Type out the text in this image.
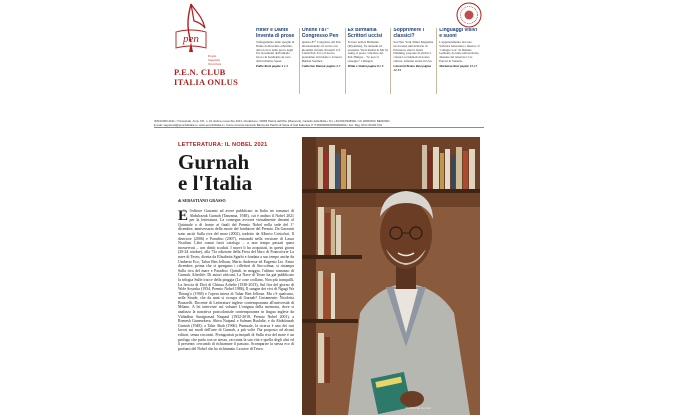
pen
Poeta
Saggista
Novelista
P.E.N. CLUB
ITALIA ONLUS
Hitler e Dante Inventa di prose
Trafugamento dalle spoglie di Dante da Ravenna a Berlino. Alla ricerca delle prove negli Un documenti dell'armada Gioco in Germania da varo dell'architetto Speer.
Pablo Rosti pagine 2 e 3
Online l'87° Congresso Pen
Questo 87° Congresso del Pen internazionale s'è svolto con modalità virtuali. Presenti 113 Centri Pen. Ecco il nuovo presidente dal ridotte e il nuovo Burhan Sonmez.
Catherine Bonnar pagine 2-7
Ex Birmania Scrittori uccisi
Terrore nell'ex Birmania (Myanmar), fra detenuti ed assassini. Versi inediti di Ma Sa Aung, il poeta, vincitore del Pen Thingor - "Io non vi rassegno" a Dingen.
Britta e Sindoi pagine 8 e 9
Sopprimere i classici?
Sul New York Times Magazine un docente universitario di Princeton, marca Santa Dunning, propone di abolire i classici occidentali di nostra cultura. Allarme anche in Usa.
Giovanni Bruno Rasi pagine 12-13
Linguaggi visivi e suoni
L'apprezzamento del sole. Scrittura letteratura e musica. Il "collegio vox" di Daniele Galleani, docente universitario, dissente dei letterati e Cio Perrari di Venezia.
Marianna Ravi pagine 15-17
ISSN/2283-4161 • Trimestrale, Anno XXI, n. 42 ottobre-novembre 2021 • Redazione: 20083 Piazza dell'Olio (Piacenza), Castello della Bella • Tel. +39 0523/928996 • CF 00000000, BEIS0094
E-mail: segreteria@penclubitalia.it • www.penclubitalia.it • Conto corrente bancario Banca dei Paschi di Siena di Sud Italia Sas IT IT0000000000000000000 • Iscr. Reg. ROC IN/2017/01
LETTERATURA: IL NOBEL 2021
Gurnah
e l'Italia
di SEBASTIANO GRASSO
Èl'editore Garzanti ad avere pubblicato in Italia tre romanzi di Abdulrazak Gurnah (Tanzania, 1948), cui è andato il Nobel 2021 per la letteratura. La consegna avverrà virtualmente davanti al Quirinale o di fronte ai finali del Premio Nobel nella sede del 1° dicembre, anniversario della morte del fondatore del Premio. Da Garzanti sono usciti Sulla riva del mare (2002), tradotto da Alberto Cristofori, Il disertore (2006) e Paradiso (2007), entrambi nella versione di Laura Noulian. Libri ormai fuori catalogo – a non tempo passati quasi inosservati – con diritti scaduti. I nuovi li ha acquistati, in questi giorni (20-24 ottobre), alla 73a edizione della Fiera del libro di Francoforte La nave di Teseo, diretta da Elisabetta Sgarbi e fondata a suo tempo anche da Umberto Eco, Tahar Ben Jelloun, Mario Andreose ed Eugenio Lio. Entro dicembre, prima che si spengano i riflettori di Stoccolma, si ristampa Sulla riva del mare e Paradiso. Quindi, in maggio, l'ultimo romanzo di Gurnah, Afterlife. Di autori africani, La Nave di Teseo ha già pubblicato la trilogia Sulle tracce della pioggia (Le cose crollano, Non più tranquilli, La freccia di Dio) di Chinua Achebe (1930-2013), Sul fior del giorno di Wole Soyinka (1934, Premio Nobel 1986), Il sangue dei vivi di Ngugi Wa Thiong'o (1938) e l'opera intera di Tahar Ben Jelloun. Ma c'è qualcuno, nelle Strade, che da anni si occupa di Gurnah? Certamente: Nicoletta Brazzelli, Docente di Letterature inglese contemporanea all'università di Milano. A lei interviste sul volume L'enigma della memoria, dove si analizza la narrativa postcoloniale contemporanea in lingua inglese da Vidiadhar Surajprasad Naipaul (1932-2018, Premio Nobel 2001), a Romesh Gunesekera, Shiva Naipaul e Salman Rushdie, e da Abdulrazak Gurnah (1948), a Tahir Shah (1966). Puntuale, la ricerca è uno dei rari lavori sui modi dell'arte di Gurnah, a più volte l'ha proposto ad alcuni editori, senza riscontri. Protagonisti principali di Sulla riva del mare è un profugo che parla con se stesso, racconta la sua vita e quella degli altri ed il presente, cercando di richiamare il passato. Scomparire la stessa eco di profumi del Nobel che ha richiamato La nave di Teseo.
Abdulrazak Gurnah
